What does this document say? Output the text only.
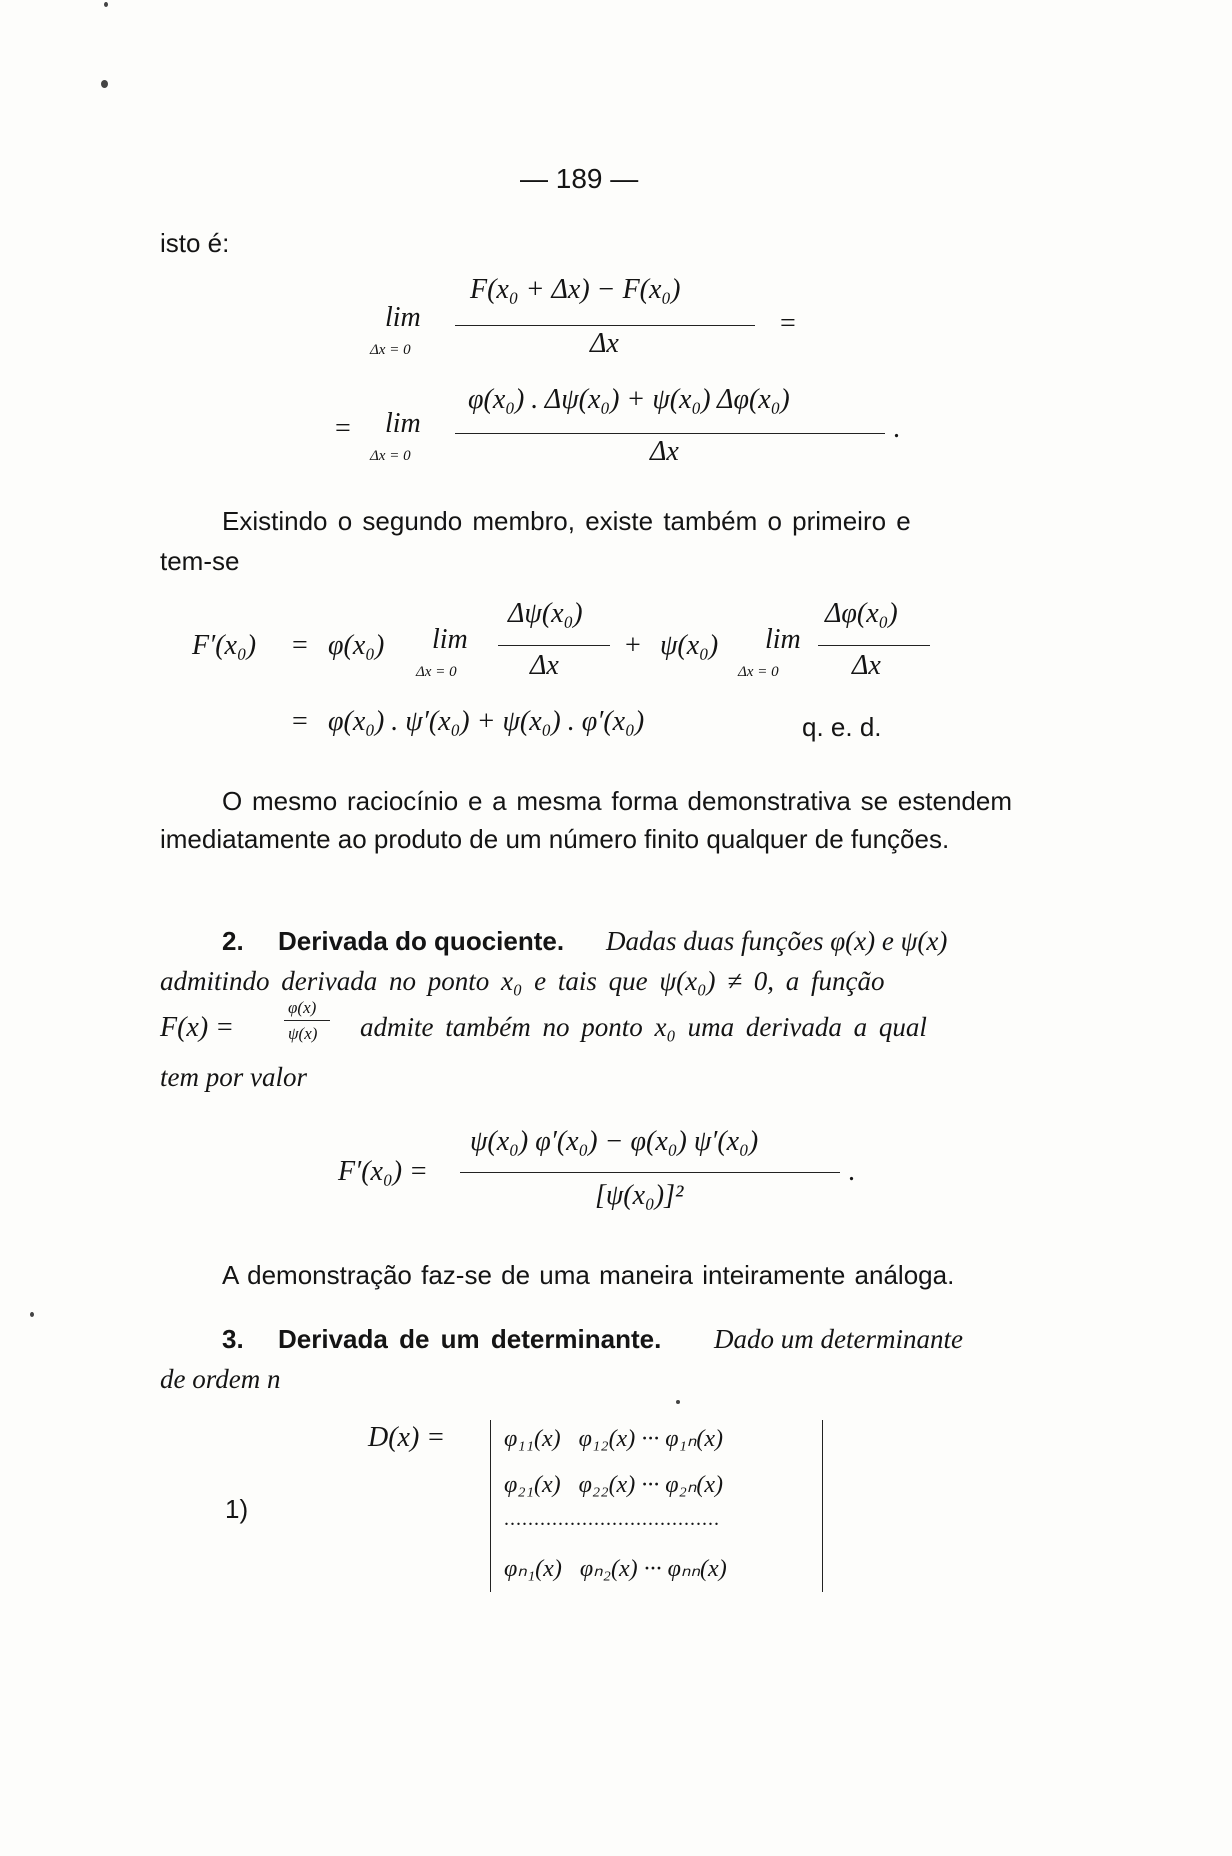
— 189 —
isto é:
F(x₀ + Δx) − F(x₀)
Δx
lim
Δx = 0
=
= lim
Δx = 0
φ(x₀) . Δψ(x₀) + ψ(x₀) Δφ(x₀)
Δx
.
Existindo o segundo membro, existe também o primeiro e
tem-se
F′(x₀) = φ(x₀) lim
Δx = 0
Δψ(x₀)
Δx
+ ψ(x₀) lim
Δx = 0
Δφ(x₀)
Δx
= φ(x₀) . ψ′(x₀) + ψ(x₀) . φ′(x₀)	q. e. d.
O mesmo raciocínio e a mesma forma demonstrativa se estendem imediatamente ao produto de um número finito qualquer de funções.
2. Derivada do quociente. Dadas duas funções φ(x) e ψ(x)
admitindo derivada no ponto x₀ e tais que ψ(x₀) ≠ 0, a função
F(x) =
φ(x)
ψ(x) admite também no ponto x₀ uma derivada a qual
tem por valor
F′(x₀) =
ψ(x₀) φ′(x₀) − φ(x₀) ψ′(x₀)
[ψ(x₀)]²
.
A demonstração faz-se de uma maneira inteiramente análoga.
3. Derivada de um determinante. Dado um determinante
de ordem n
1)
D(x) = φ₁₁(x)   φ₁₂(x) ··· φ₁ₙ(x)
φ₂₁(x)   φ₂₂(x) ··· φ₂ₙ(x)
....................................
φₙ₁(x)   φₙ₂(x) ··· φₙₙ(x)
